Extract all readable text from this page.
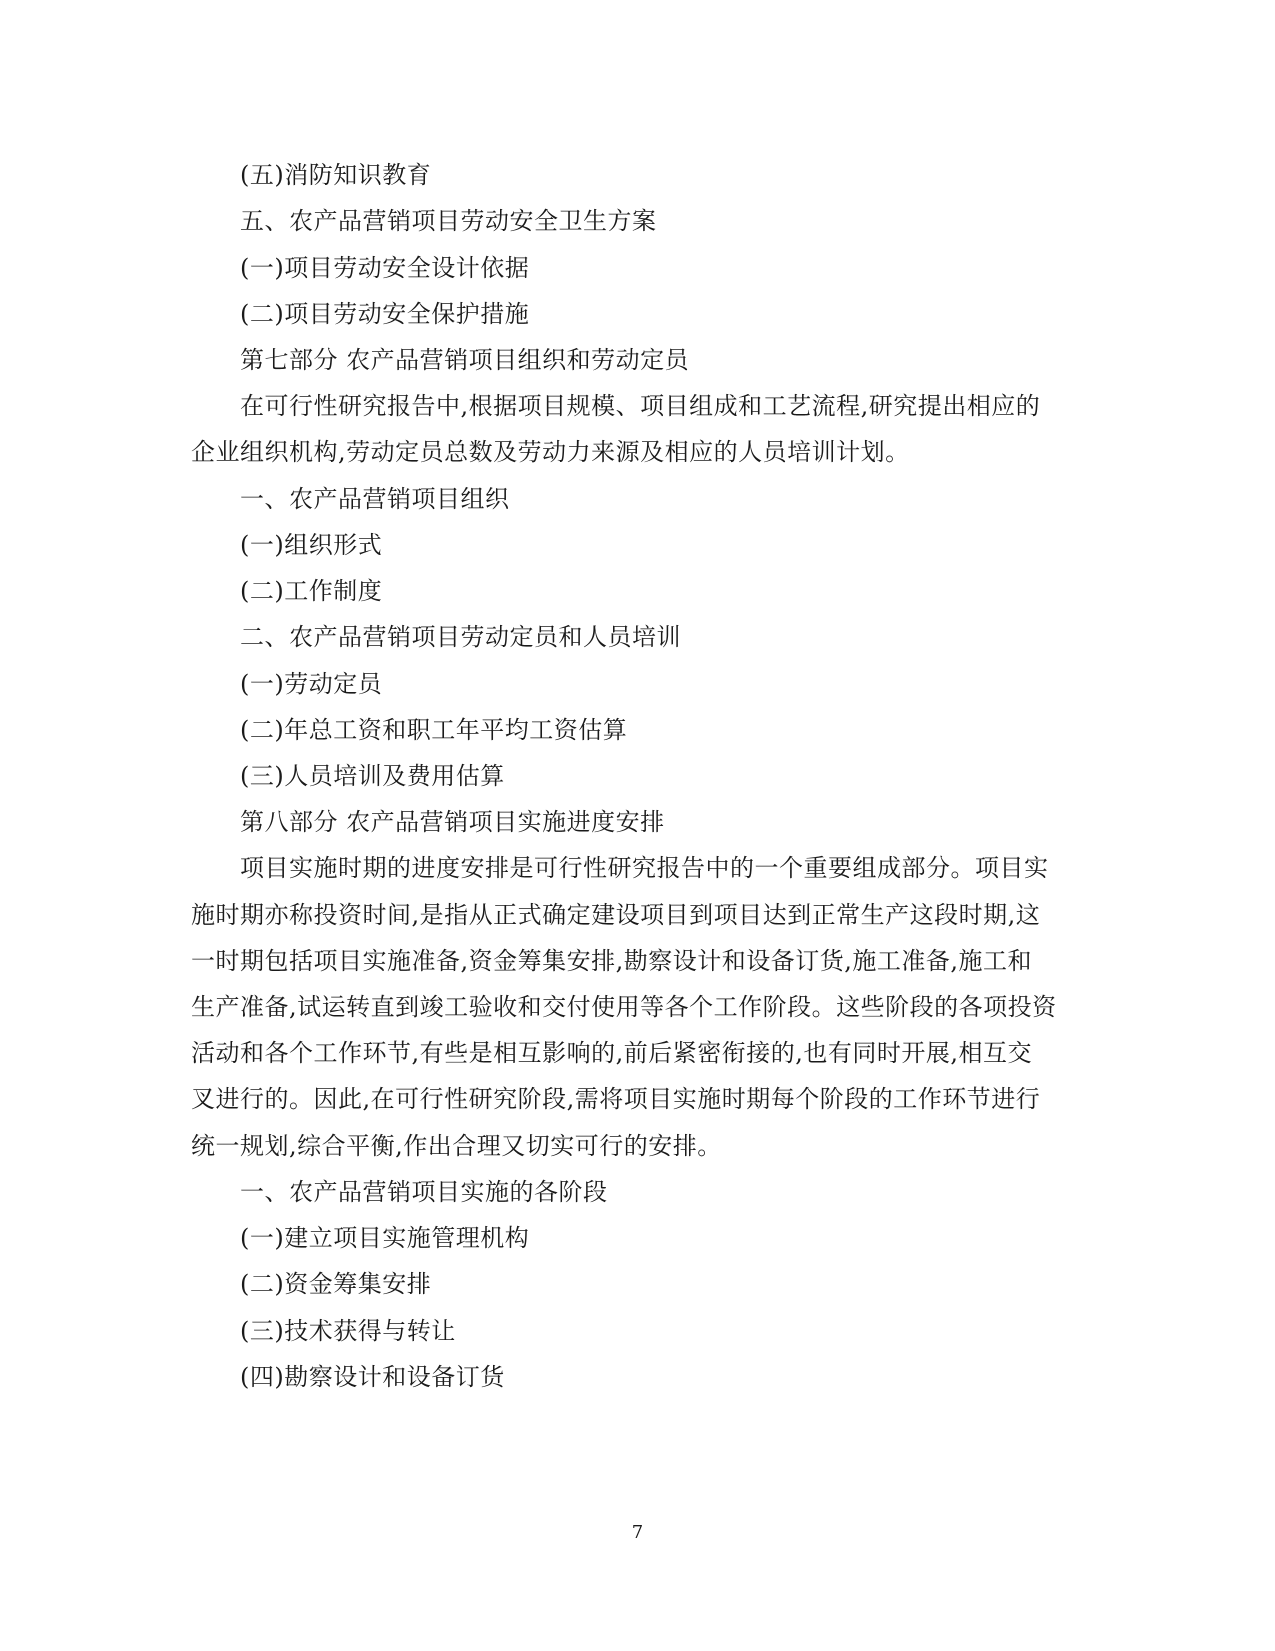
(五)消防知识教育
五、农产品营销项目劳动安全卫生方案
(一)项目劳动安全设计依据
(二)项目劳动安全保护措施
第七部分 农产品营销项目组织和劳动定员
在可行性研究报告中,根据项目规模、项目组成和工艺流程,研究提出相应的
企业组织机构,劳动定员总数及劳动力来源及相应的人员培训计划。
一、农产品营销项目组织
(一)组织形式
(二)工作制度
二、农产品营销项目劳动定员和人员培训
(一)劳动定员
(二)年总工资和职工年平均工资估算
(三)人员培训及费用估算
第八部分 农产品营销项目实施进度安排
项目实施时期的进度安排是可行性研究报告中的一个重要组成部分。项目实
施时期亦称投资时间,是指从正式确定建设项目到项目达到正常生产这段时期,这
一时期包括项目实施准备,资金筹集安排,勘察设计和设备订货,施工准备,施工和
生产准备,试运转直到竣工验收和交付使用等各个工作阶段。这些阶段的各项投资
活动和各个工作环节,有些是相互影响的,前后紧密衔接的,也有同时开展,相互交
叉进行的。因此,在可行性研究阶段,需将项目实施时期每个阶段的工作环节进行
统一规划,综合平衡,作出合理又切实可行的安排。
一、农产品营销项目实施的各阶段
(一)建立项目实施管理机构
(二)资金筹集安排
(三)技术获得与转让
(四)勘察设计和设备订货
7
